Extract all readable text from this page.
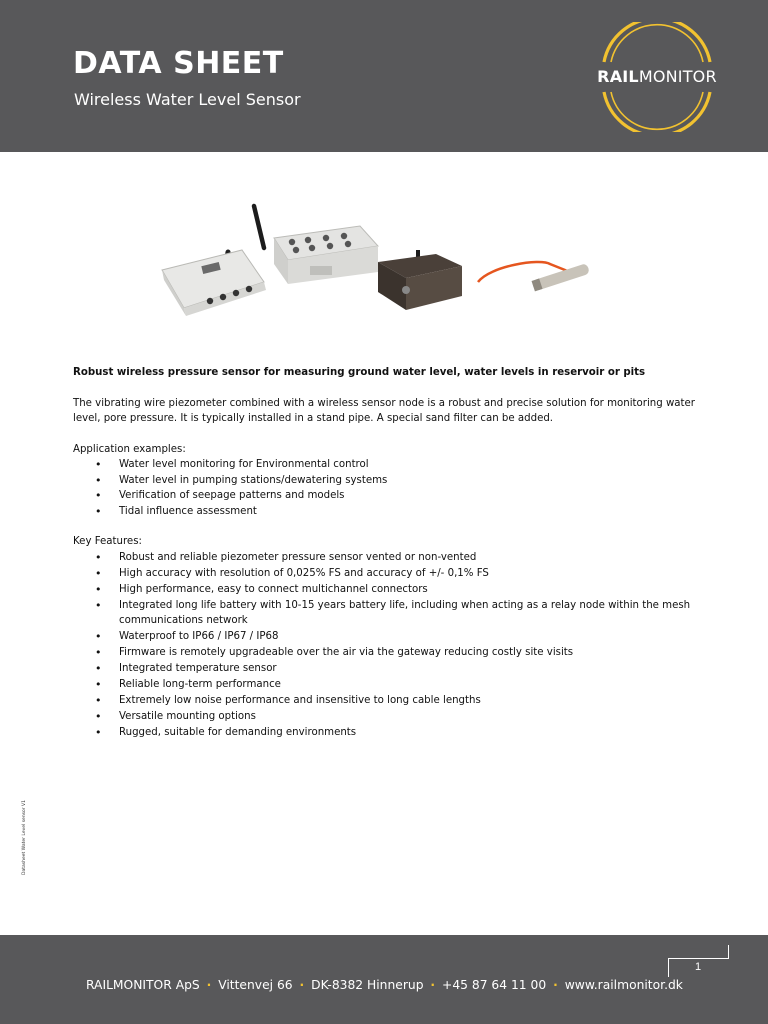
DATA SHEET

Wireless Water Level Sensor

RAILMONITOR

Robust wireless pressure sensor for measuring ground water level, water levels in reservoir or pits

The vibrating wire piezometer combined with a wireless sensor node is a robust and precise solution for monitoring water level, pore pressure. It is typically installed in a stand pipe. A special sand filter can be added.

Application examples:

• Water level monitoring for Environmental control
• Water level in pumping stations/dewatering systems
• Verification of seepage patterns and models
• Tidal influence assessment

Key Features:

• Robust and reliable piezometer pressure sensor vented or non-vented
• High accuracy with resolution of 0,025% FS and accuracy of +/- 0,1% FS
• High performance, easy to connect multichannel connectors
• Integrated long life battery with 10-15 years battery life, including when acting as a relay node within the mesh communications network
• Waterproof to IP66 / IP67 / IP68
• Firmware is remotely upgradeable over the air via the gateway reducing costly site visits
• Integrated temperature sensor
• Reliable long-term performance
• Extremely low noise performance and insensitive to long cable lengths
• Versatile mounting options
• Rugged, suitable for demanding environments
Datasheet Water Level sensor V1
1
RAILMONITOR ApS · Vittenvej 66 · DK-8382 Hinnerup · +45 87 64 11 00 · www.railmonitor.dk
